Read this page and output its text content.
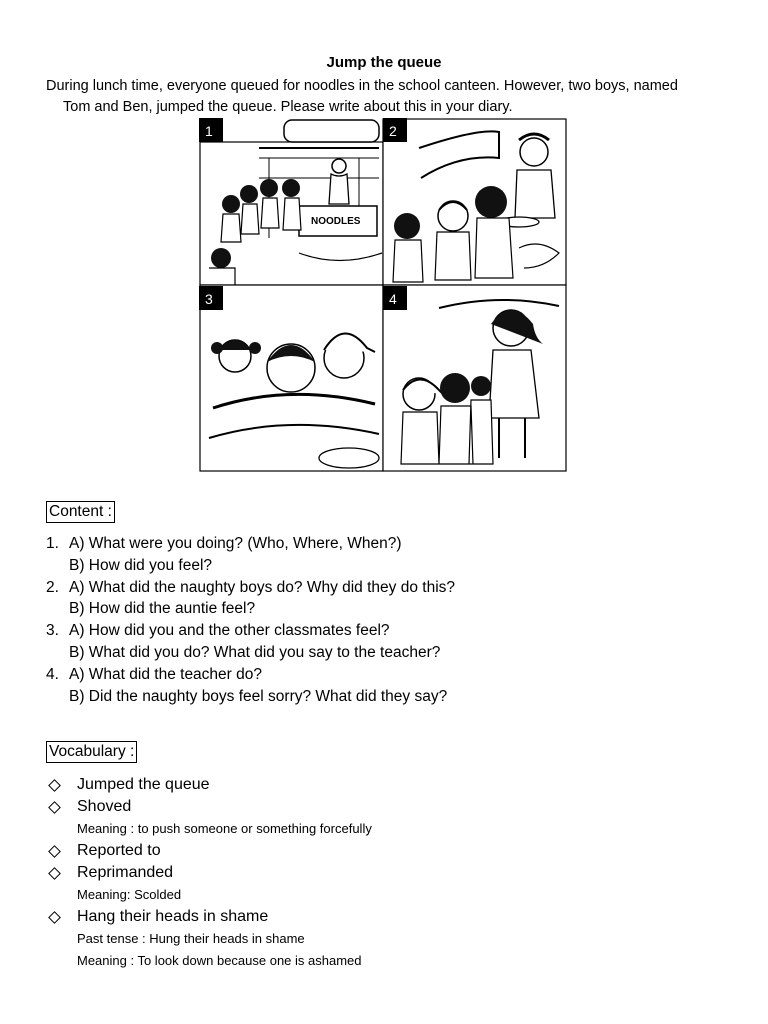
Jump the queue
During lunch time, everyone queued for noodles in the school canteen. However, two boys, named
Tom and Ben, jumped the queue. Please write about this in your diary.
1
NOODLES
2
3	4
Content :
1. A) What were you doing? (Who, Where, When?)
B) How did you feel?
2. A) What did the naughty boys do? Why did they do this?
B) How did the auntie feel?
3. A) How did you and the other classmates feel?
B) What did you do? What did you say to the teacher?
4. A) What did the teacher do?
B) Did the naughty boys feel sorry? What did they say?
Vocabulary :
Jumped the queue
Shoved
Meaning : to push someone or something forcefully
Reported to
Reprimanded
Meaning: Scolded
Hang their heads in shame
Past tense : Hung their heads in shame
Meaning : To look down because one is ashamed
